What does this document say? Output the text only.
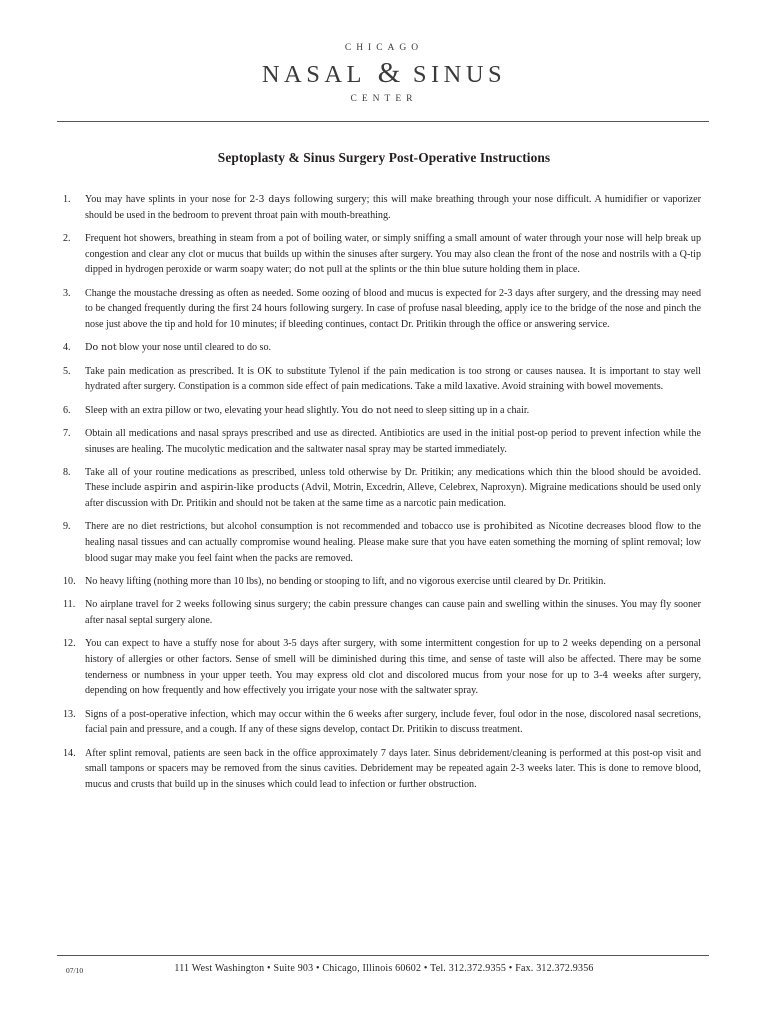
CHICAGO
NASAL & SINUS
CENTER
Septoplasty & Sinus Surgery Post-Operative Instructions
1.	You may have splints in your nose for 2-3 days following surgery; this will make breathing through your nose difficult. A humidifier or vaporizer should be used in the bedroom to prevent throat pain with mouth-breathing.
2.	Frequent hot showers, breathing in steam from a pot of boiling water, or simply sniffing a small amount of water through your nose will help break up congestion and clear any clot or mucus that builds up within the sinuses after surgery. You may also clean the front of the nose and nostrils with a Q-tip dipped in hydrogen peroxide or warm soapy water; do not pull at the splints or the thin blue suture holding them in place.
3.	Change the moustache dressing as often as needed. Some oozing of blood and mucus is expected for 2-3 days after surgery, and the dressing may need to be changed frequently during the first 24 hours following surgery. In case of profuse nasal bleeding, apply ice to the bridge of the nose and pinch the nose just above the tip and hold for 10 minutes; if bleeding continues, contact Dr. Pritikin through the office or answering service.
4.	Do not blow your nose until cleared to do so.
5.	Take pain medication as prescribed. It is OK to substitute Tylenol if the pain medication is too strong or causes nausea. It is important to stay well hydrated after surgery. Constipation is a common side effect of pain medications. Take a mild laxative. Avoid straining with bowel movements.
6.	Sleep with an extra pillow or two, elevating your head slightly. You do not need to sleep sitting up in a chair.
7.	Obtain all medications and nasal sprays prescribed and use as directed. Antibiotics are used in the initial post-op period to prevent infection while the sinuses are healing. The mucolytic medication and the saltwater nasal spray may be started immediately.
8.	Take all of your routine medications as prescribed, unless told otherwise by Dr. Pritikin; any medications which thin the blood should be avoided. These include aspirin and aspirin-like products (Advil, Motrin, Excedrin, Alleve, Celebrex, Naproxyn). Migraine medications should be used only after discussion with Dr. Pritikin and should not be taken at the same time as a narcotic pain medication.
9.	There are no diet restrictions, but alcohol consumption is not recommended and tobacco use is prohibited as Nicotine decreases blood flow to the healing nasal tissues and can actually compromise wound healing. Please make sure that you have eaten something the morning of splint removal; low blood sugar may make you feel faint when the packs are removed.
10. No heavy lifting (nothing more than 10 lbs), no bending or stooping to lift, and no vigorous exercise until cleared by Dr. Pritikin.
11. No airplane travel for 2 weeks following sinus surgery; the cabin pressure changes can cause pain and swelling within the sinuses. You may fly sooner after nasal septal surgery alone.
12. You can expect to have a stuffy nose for about 3-5 days after surgery, with some intermittent congestion for up to 2 weeks depending on a personal history of allergies or other factors. Sense of smell will be diminished during this time, and sense of taste will also be affected. There may be some tenderness or numbness in your upper teeth. You may express old clot and discolored mucus from your nose for up to 3-4 weeks after surgery, depending on how frequently and how effectively you irrigate your nose with the saltwater spray.
13. Signs of a post-operative infection, which may occur within the 6 weeks after surgery, include fever, foul odor in the nose, discolored nasal secretions, facial pain and pressure, and a cough. If any of these signs develop, contact Dr. Pritikin to discuss treatment.
14. After splint removal, patients are seen back in the office approximately 7 days later. Sinus debridement/cleaning is performed at this post-op visit and small tampons or spacers may be removed from the sinus cavities. Debridement may be repeated again 2-3 weeks later. This is done to remove blood, mucus and crusts that build up in the sinuses which could lead to infection or further obstruction.
07/10	111 West Washington • Suite 903 • Chicago, Illinois 60602 • Tel. 312.372.9355 • Fax. 312.372.9356
